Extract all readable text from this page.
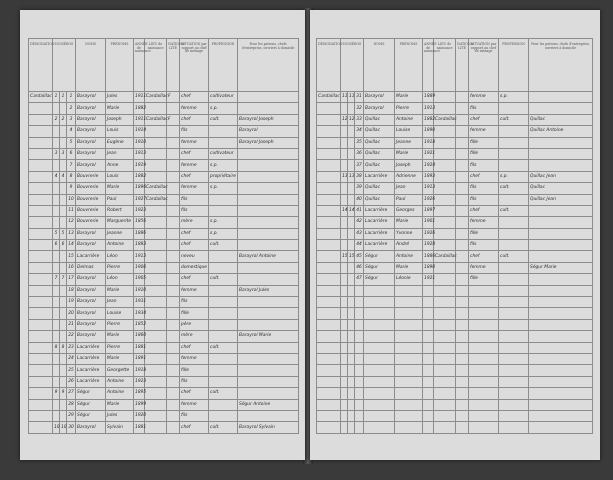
DÉSIGNATION	NUMÉROS			NOMS	PRÉNOMS	ANNÉE de naissance	LIEU de naissance	NATIONA-LITÉ	SITUATION par rapport au chef de ménage	PROFESSION	Pour les patrons, chefs d'entreprise, ouvriers à domicile
Cardaillac	1	1	1	Barayrol	Jules	1911	Cardaillac	F	chef	cultivateur	
			2	Barayrol	Marie	1882			femme	s.p.	
	2	2	3	Barayrol	Joseph	1911	Cardaillac	F	chef	cult.	Barayrol Joseph
			4	Barayrol	Louis	1914			fils		Barayrol
			5	Barayrol	Eugène	1910			femme		Barayrol Joseph
	3	3	6	Barayrol	Jean	1913			chef	cultivateur	
			7	Barayrol	Anne	1919			femme	s.p.	
	4	4	8	Bouvrerie	Louis	1882			chef	propriétaire	
			9	Bouvrerie	Marie	1896	Cardaillac		femme	s.p.	
			10	Bouvrerie	Paul	1927	Cardaillac		fils		
			11	Bouvrerie	Robert	1923			fils		
			12	Bouvrerie	Marguerite	1856			mère	s.p.	
	5	5	13	Barayrol	Jeanne	1886			chef	s.p.	
	6	6	14	Barayrol	Antoine	1883			chef	cult.	
			15	Lacarrière	Léon	1913			neveu		Barayrol Antoine
			16	Delmas	Pierre	1906			domestique		
	7	7	17	Barayrol	Léon	1905			chef	cult.	
			18	Barayrol	Marie	1910			femme		Barayrol Jules
			19	Barayrol	Jean	1931			fils		
			20	Barayrol	Louise	1934			fille		
			21	Barayrol	Pierre	1852			père		
			22	Barayrol	Marie	1860			mère		Barayrol Marie
	8	8	23	Lacarrière	Pierre	1881			chef	cult.	
			24	Lacarrière	Marie	1891			femme		
			25	Lacarrière	Georgette	1918			fille		
			26	Lacarrière	Antoine	1923			fils		
	9	9	27	Ségur	Antoine	1895			chef	cult.	
			28	Ségur	Marie	1899			femme		Ségur Antoine
			29	Ségur	Jules	1920			fils		
	10	10	30	Barayrol	Sylvain	1881			chef	cult.	Barayrol Sylvain
DÉSIGNATION	NUMÉROS			NOMS	PRÉNOMS	ANNÉE de naissance	LIEU de naissance	NATIONA-LITÉ	SITUATION par rapport au chef de ménage	PROFESSION	Pour les patrons, chefs d'entreprise, ouvriers à domicile
Cardaillac	11	11	31	Barayrol	Marie	1889			femme	s.p.	
			32	Barayrol	Pierre	1913			fils		
	12	12	33	Quillac	Antoine	1882	Cardaillac		chef	cult.	Quillac
			34	Quillac	Louise	1890			femme		Quillac Antoine
			35	Quillac	Jeanne	1918			fille		
			36	Quillac	Marie	1921			fille		
			37	Quillac	Joseph	1924			fils		
	13	13	38	Lacarrière	Adrienne	1893			chef	s.p.	Quillac Jean
			39	Quillac	Jean	1913			fils	cult.	Quillac
			40	Quillac	Paul	1926			fils		Quillac Jean
	14	14	41	Lacarrière	Georges	1897			chef	cult.	
			42	Lacarrière	Marie	1901			femme		
			43	Lacarrière	Yvonne	1926			fille		
			44	Lacarrière	André	1928			fils		
	15	15	45	Ségur	Antoine	1886	Cardaillac		chef	cult.	
			46	Ségur	Marie	1890			femme		Ségur Marie
			47	Ségur	Léonie	1921			fille		
